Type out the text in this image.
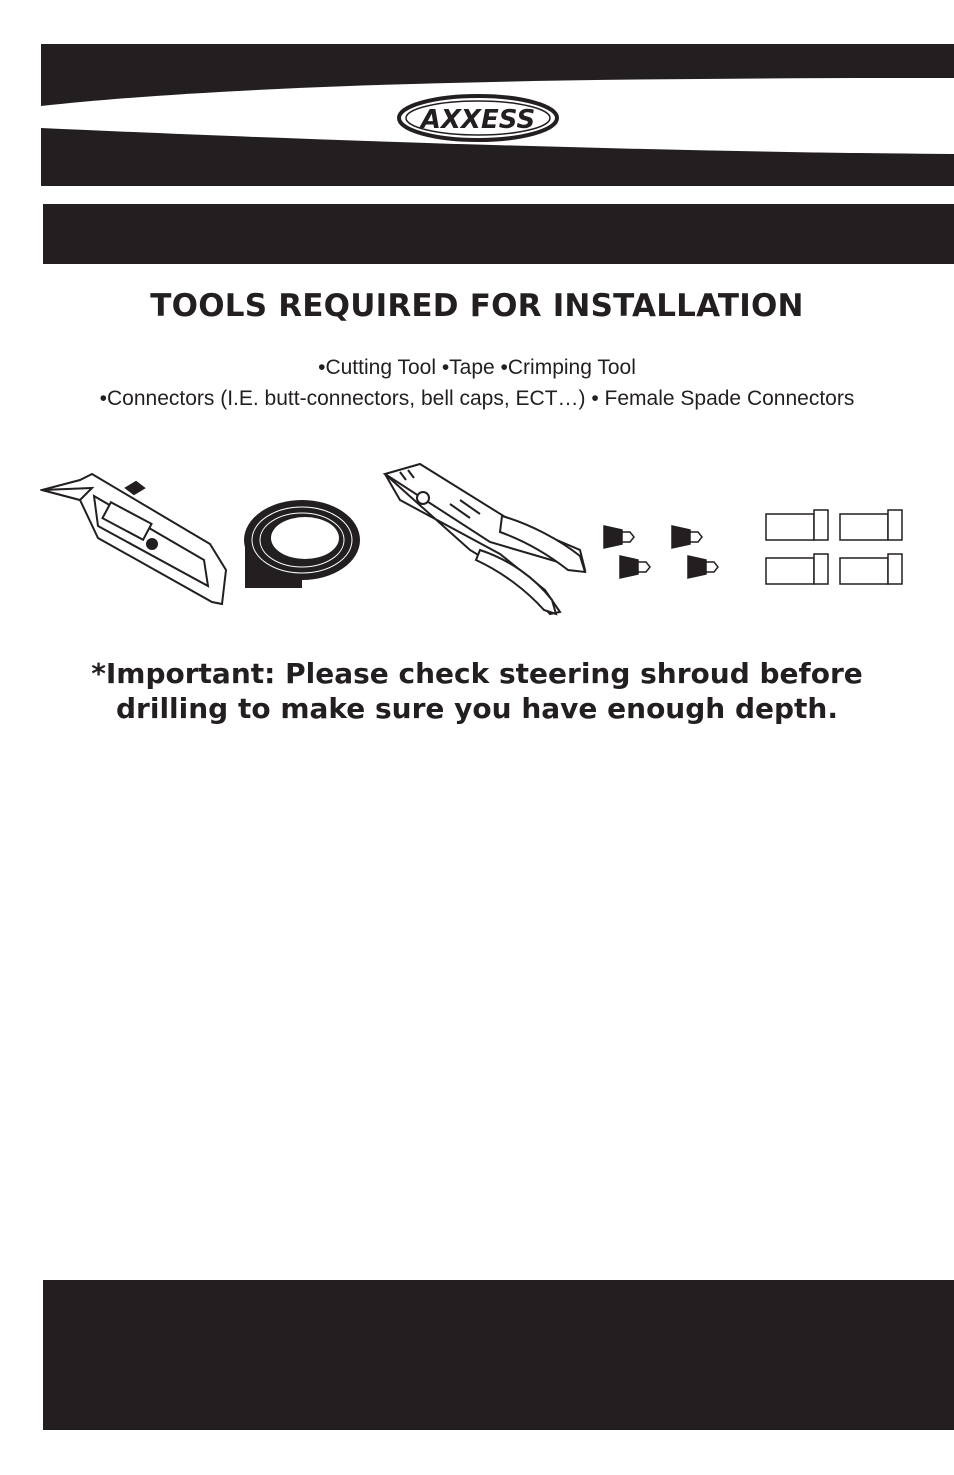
AXXESS
TOOLS REQUIRED FOR INSTALLATION
•Cutting Tool •Tape •Crimping Tool
•Connectors (I.E. butt-connectors, bell caps, ECT…) • Female Spade Connectors
*Important: Please check steering shroud before
drilling to make sure you have enough depth.
